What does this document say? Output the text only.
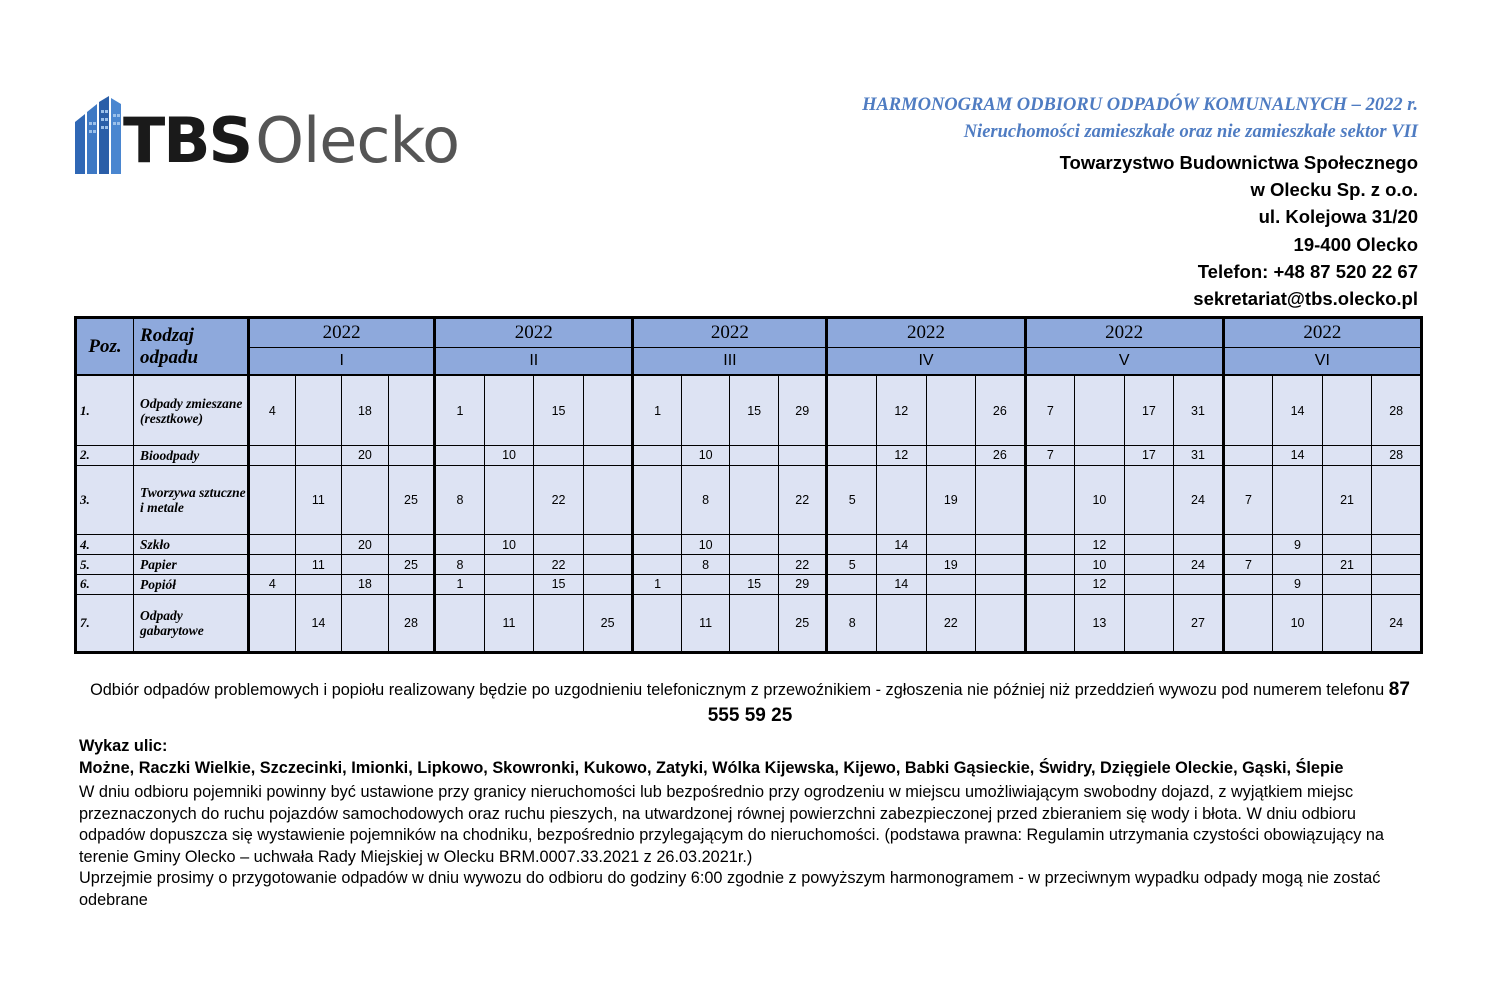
TBS Olecko	HARMONOGRAM ODBIORU ODPADÓW KOMUNALNYCH – 2022 r.
Nieruchomości zamieszkałe oraz nie zamieszkałe sektor VII
Towarzystwo Budownictwa Społecznego
w Olecku Sp. z o.o.
ul. Kolejowa 31/20
19-400 Olecko
Telefon: +48 87 520 22 67
sekretariat@tbs.olecko.pl
Poz.	Rodzaj odpadu	2022				2022				2022				2022				2022				2022			
		I				II				III				IV				V				VI			
1.	Odpady zmieszane (resztkowe)	4		18		1		15		1		15	29		12		26	7		17	31		14		28
2.	Bioodpady			20			10				10				12		26	7		17	31		14		28
3.	Tworzywa sztuczne i metale		11		25	8		22			8		22	5		19			10		24	7		21	
4.	Szkło			20			10				10				14				12				9		
5.	Papier		11		25	8		22			8		22	5		19			10		24	7		21	
6.	Popiół	4		18		1		15		1		15	29		14				12				9		
7.	Odpady gabarytowe		14		28		11		25		11		25	8		22			13		27		10		24
Odbiór odpadów problemowych i popiołu realizowany będzie po uzgodnieniu telefonicznym z przewoźnikiem - zgłoszenia nie później niż przeddzień wywozu pod numerem telefonu 87 555 59 25
Wykaz ulic:
Możne, Raczki Wielkie, Szczecinki, Imionki, Lipkowo, Skowronki, Kukowo, Zatyki, Wólka Kijewska, Kijewo, Babki Gąsieckie, Świdry, Dzięgiele Oleckie, Gąski, Ślepie
W dniu odbioru pojemniki powinny być ustawione przy granicy nieruchomości lub bezpośrednio przy ogrodzeniu w miejscu umożliwiającym swobodny dojazd, z wyjątkiem miejsc przeznaczonych do ruchu pojazdów samochodowych oraz ruchu pieszych, na utwardzonej równej powierzchni zabezpieczonej przed zbieraniem się wody i błota. W dniu odbioru odpadów dopuszcza się wystawienie pojemników na chodniku, bezpośrednio przylegającym do nieruchomości. (podstawa prawna: Regulamin utrzymania czystości obowiązujący na terenie Gminy Olecko – uchwała Rady Miejskiej w Olecku BRM.0007.33.2021 z 26.03.2021r.)
Uprzejmie prosimy o przygotowanie odpadów w dniu wywozu do odbioru do godziny 6:00 zgodnie z powyższym harmonogramem - w przeciwnym wypadku odpady mogą nie zostać odebrane
